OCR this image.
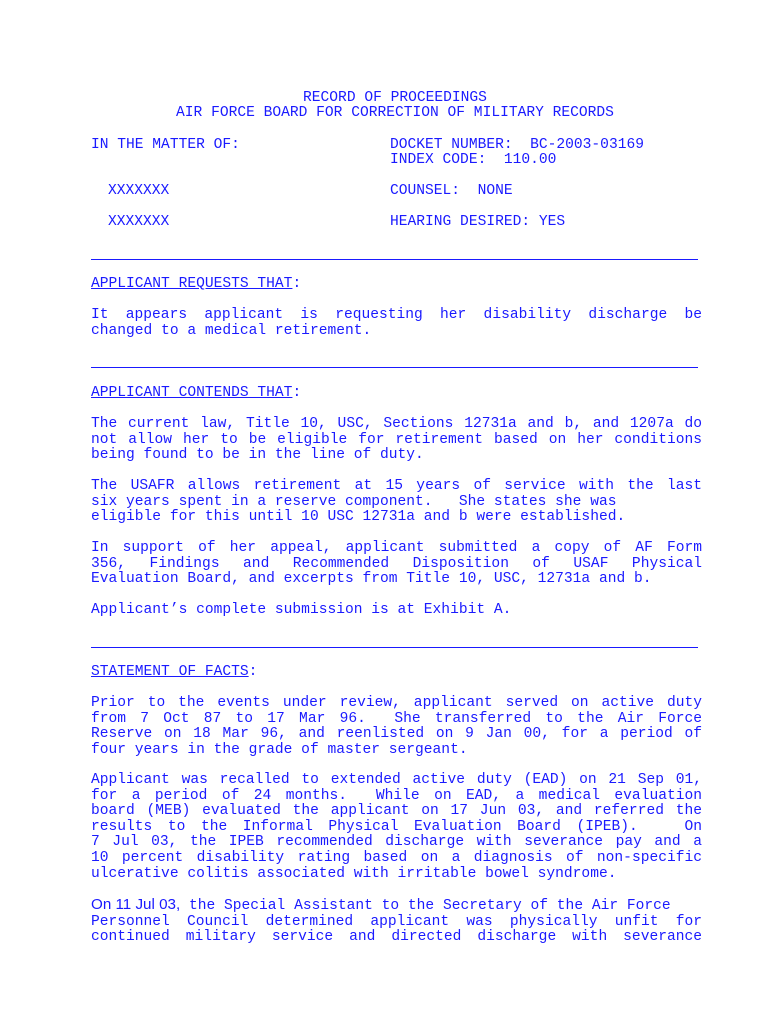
RECORD OF PROCEEDINGS
AIR FORCE BOARD FOR CORRECTION OF MILITARY RECORDS
IN THE MATTER OF:	DOCKET NUMBER:  BC-2003-03169
INDEX CODE:  110.00
XXXXXXX	COUNSEL:  NONE
XXXXXXX	HEARING DESIRED: YES
APPLICANT REQUESTS THAT:
It appears applicant is requesting her disability discharge be
changed to a medical retirement.
APPLICANT CONTENDS THAT:
The current law, Title 10, USC, Sections 12731a and b, and 1207a do
not allow her to be eligible for retirement based on her conditions
being found to be in the line of duty.
The USAFR allows retirement at 15 years of service with the last
six years spent in a reserve component.   She states she was
eligible for this until 10 USC 12731a and b were established.
In support of her appeal, applicant submitted a copy of AF Form
356, Findings and Recommended Disposition of USAF Physical
Evaluation Board, and excerpts from Title 10, USC, 12731a and b.
Applicant’s complete submission is at Exhibit A.
STATEMENT OF FACTS:
Prior to the events under review, applicant served on active duty
from 7 Oct 87 to 17 Mar 96.  She transferred to the Air Force
Reserve on 18 Mar 96, and reenlisted on 9 Jan 00, for a period of
four years in the grade of master sergeant.
Applicant was recalled to extended active duty (EAD) on 21 Sep 01,
for a period of 24 months.  While on EAD, a medical evaluation
board (MEB) evaluated the applicant on 17 Jun 03, and referred the
results to the Informal Physical Evaluation Board (IPEB).   On
7 Jul 03, the IPEB recommended discharge with severance pay and a
10 percent disability rating based on a diagnosis of non-specific
ulcerative colitis associated with irritable bowel syndrome.
On 11 Jul 03, the Special Assistant to the Secretary of the Air Force
Personnel Council determined applicant was physically unfit for
continued military service and directed discharge with severance
